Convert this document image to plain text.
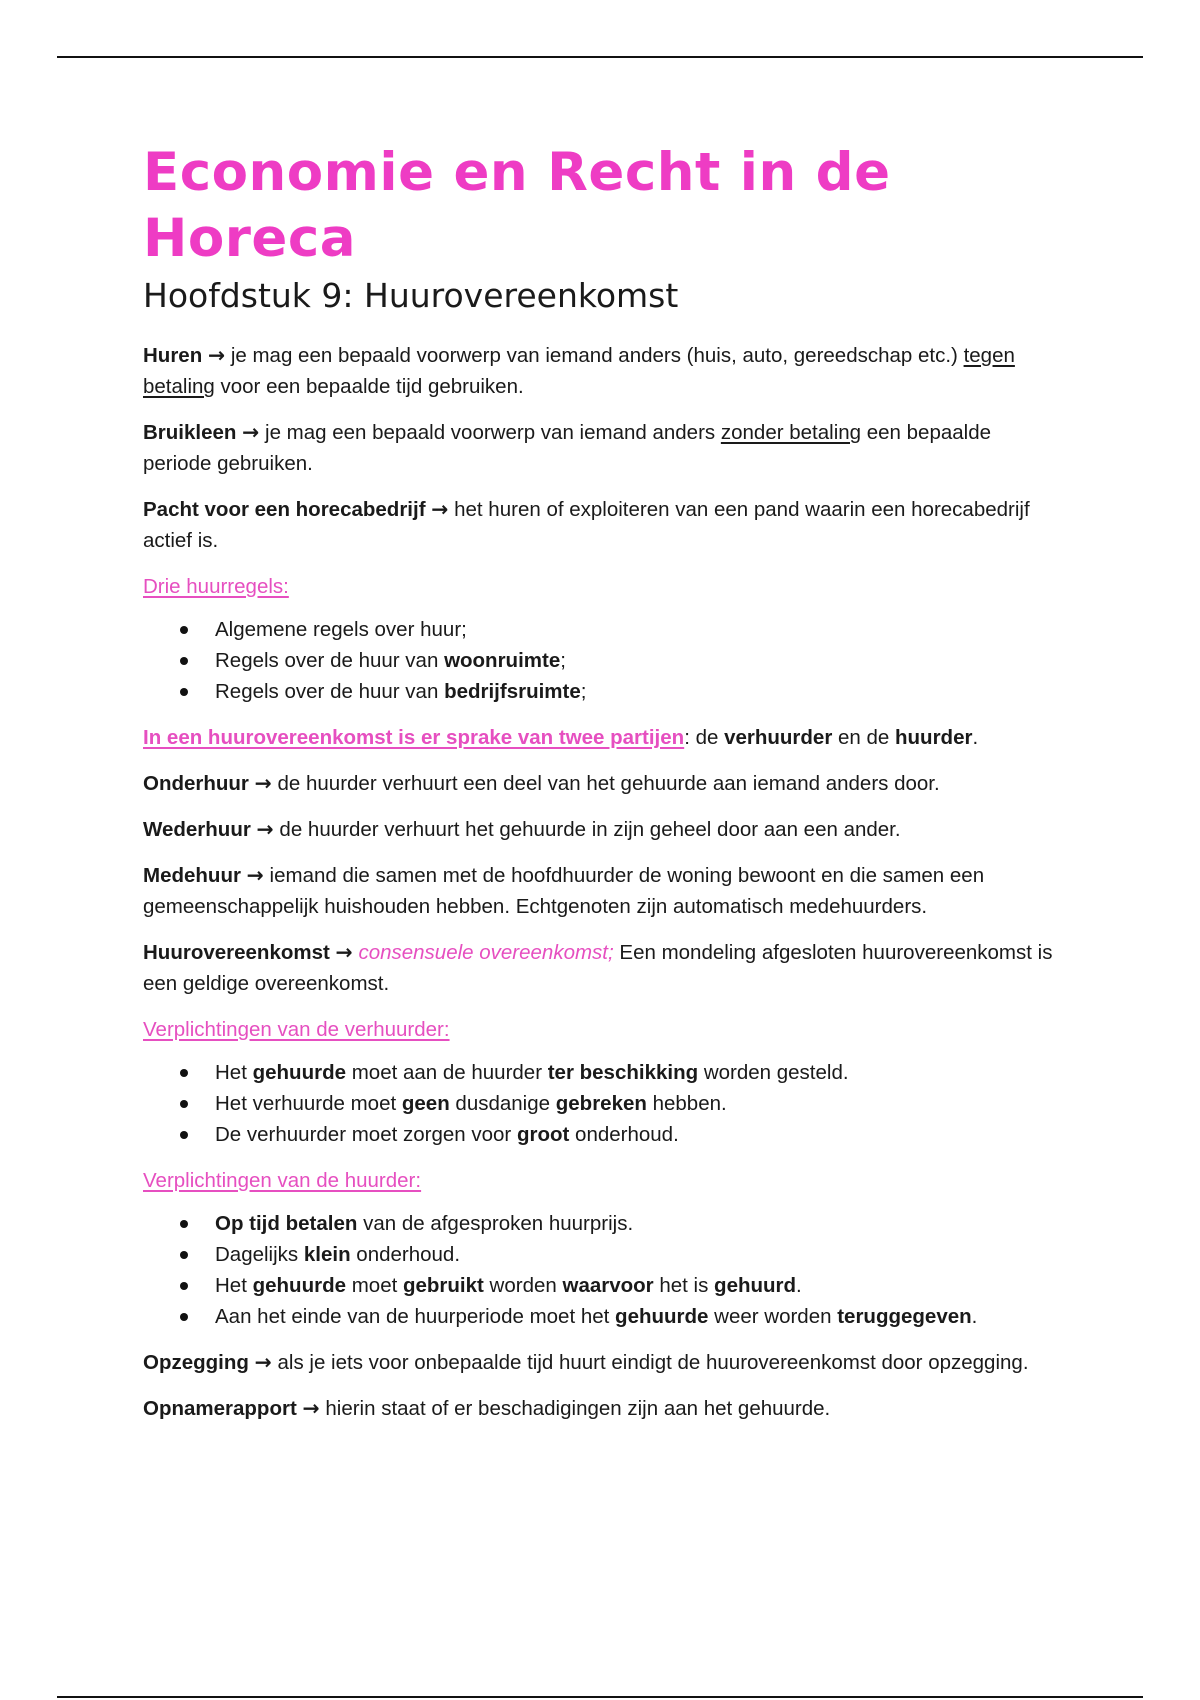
Economie en Recht in de Horeca
Hoofdstuk 9: Huurovereenkomst

Huren → je mag een bepaald voorwerp van iemand anders (huis, auto, gereedschap etc.) tegen betaling voor een bepaalde tijd gebruiken.

Bruikleen → je mag een bepaald voorwerp van iemand anders zonder betaling een bepaalde periode gebruiken.

Pacht voor een horecabedrijf → het huren of exploiteren van een pand waarin een horecabedrijf actief is.

Drie huurregels:
Algemene regels over huur;
Regels over de huur van woonruimte;
Regels over de huur van bedrijfsruimte;

In een huurovereenkomst is er sprake van twee partijen: de verhuurder en de huurder.

Onderhuur → de huurder verhuurt een deel van het gehuurde aan iemand anders door.

Wederhuur → de huurder verhuurt het gehuurde in zijn geheel door aan een ander.

Medehuur → iemand die samen met de hoofdhuurder de woning bewoont en die samen een gemeenschappelijk huishouden hebben. Echtgenoten zijn automatisch medehuurders.

Huurovereenkomst → consensuele overeenkomst; Een mondeling afgesloten huurovereenkomst is een geldige overeenkomst.

Verplichtingen van de verhuurder:
Het gehuurde moet aan de huurder ter beschikking worden gesteld.
Het verhuurde moet geen dusdanige gebreken hebben.
De verhuurder moet zorgen voor groot onderhoud.
Verplichtingen van de huurder:
Op tijd betalen van de afgesproken huurprijs.
Dagelijks klein onderhoud.
Het gehuurde moet gebruikt worden waarvoor het is gehuurd.
Aan het einde van de huurperiode moet het gehuurde weer worden teruggegeven.

Opzegging → als je iets voor onbepaalde tijd huurt eindigt de huurovereenkomst door opzegging.

Opnamerapport → hierin staat of er beschadigingen zijn aan het gehuurde.
